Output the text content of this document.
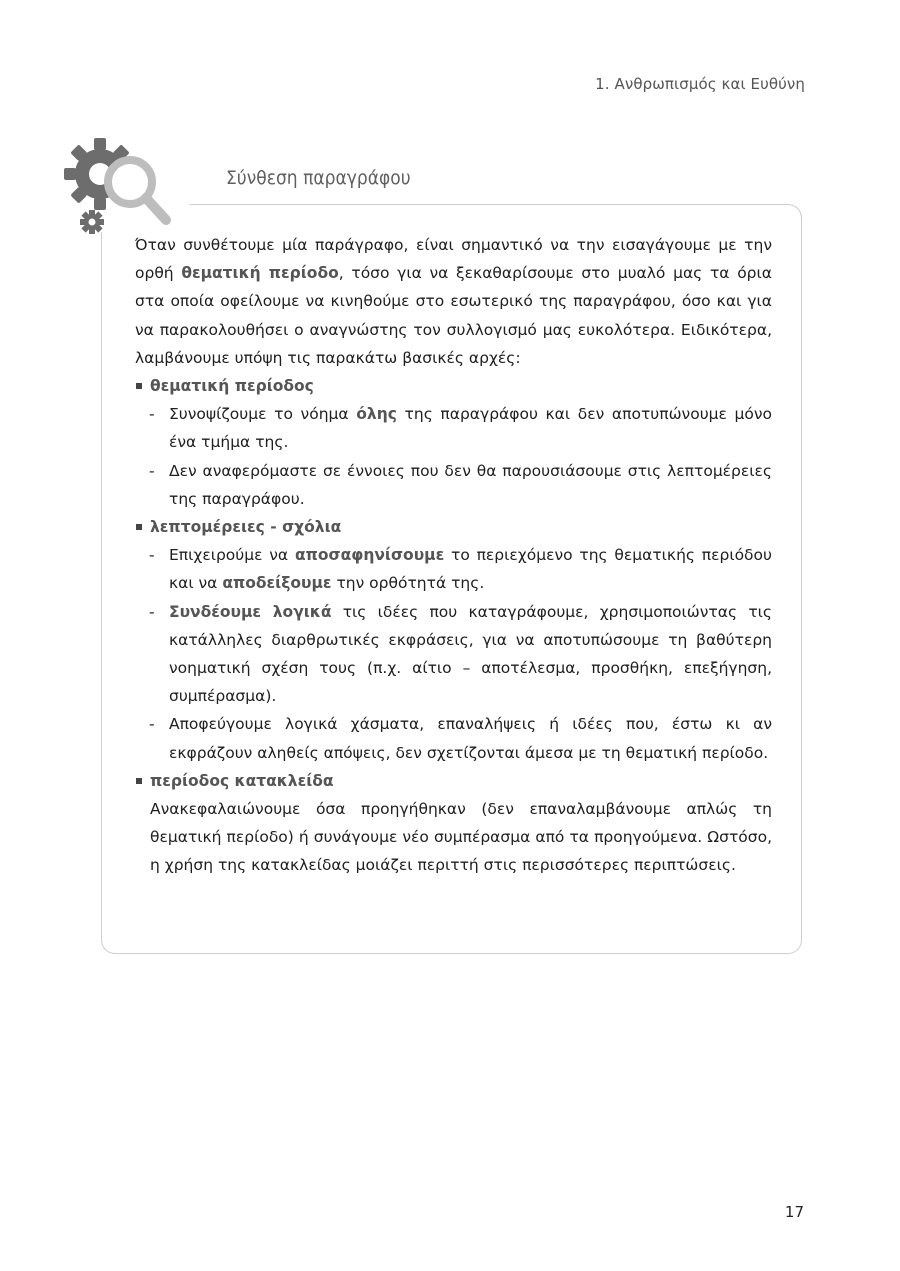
1. Ανθρωπισμός και Ευθύνη
Σύνθεση παραγράφου

Όταν συνθέτουμε μία παράγραφο, είναι σημαντικό να την εισαγάγουμε με την ορθή θεματική περίοδο, τόσο για να ξεκαθαρίσουμε στο μυαλό μας τα όρια στα οποία οφείλουμε να κινηθούμε στο εσωτερικό της παραγράφου, όσο και για να παρακολουθήσει ο αναγνώστης τον συλλογισμό μας ευκολότερα. Ειδικότερα, λαμβάνουμε υπόψη τις παρακάτω βασικές αρχές:

θεματική περίοδος

- Συνοψίζουμε το νόημα όλης της παραγράφου και δεν αποτυπώνουμε μόνο ένα τμήμα της.

- Δεν αναφερόμαστε σε έννοιες που δεν θα παρουσιάσουμε στις λεπτομέρειες της παραγράφου.

λεπτομέρειες - σχόλια

- Επιχειρούμε να αποσαφηνίσουμε το περιεχόμενο της θεματικής περιόδου και να αποδείξουμε την ορθότητά της.

- Συνδέουμε λογικά τις ιδέες που καταγράφουμε, χρησιμοποιώντας τις κατάλληλες διαρθρωτικές εκφράσεις, για να αποτυπώσουμε τη βαθύτερη νοηματική σχέση τους (π.χ. αίτιο – αποτέλεσμα, προσθήκη, επεξήγηση, συμπέρασμα).

- Αποφεύγουμε λογικά χάσματα, επαναλήψεις ή ιδέες που, έστω κι αν εκφράζουν αληθείς απόψεις, δεν σχετίζονται άμεσα με τη θεματική περίοδο.

περίοδος κατακλείδα

Ανακεφαλαιώνουμε όσα προηγήθηκαν (δεν επαναλαμβάνουμε απλώς τη θεματική περίοδο) ή συνάγουμε νέο συμπέρασμα από τα προηγούμενα. Ωστόσο, η χρήση της κατακλείδας μοιάζει περιττή στις περισσότερες περιπτώσεις.

17
